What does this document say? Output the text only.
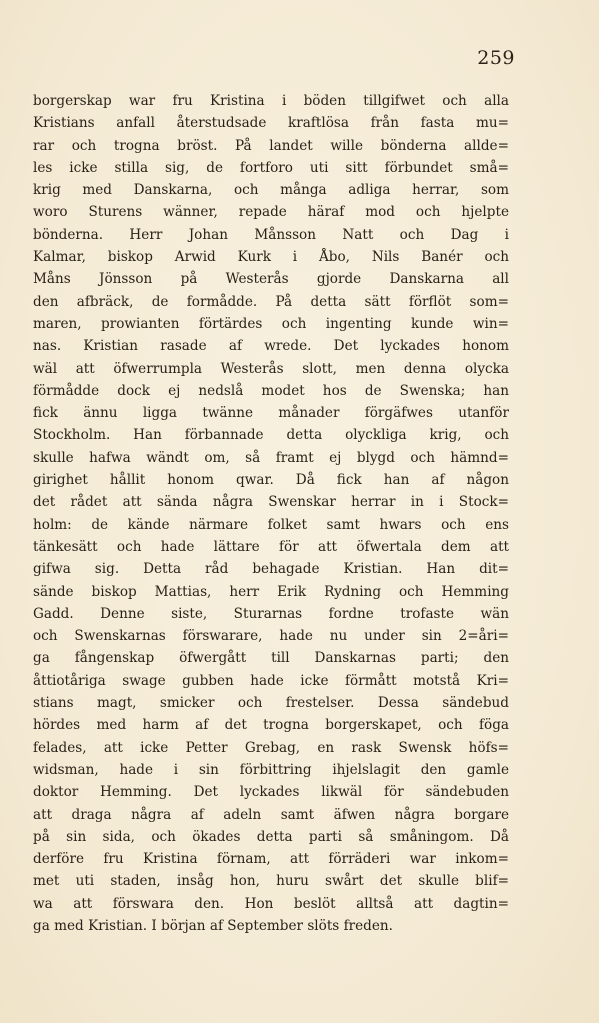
259
borgerskap war fru Kristina i böden tillgifwet och alla
Kristians anfall återstudsade kraftlösa från fasta mu=
rar och trogna bröst. På landet wille bönderna allde=
les icke stilla sig, de fortforo uti sitt förbundet små=
krig med Danskarna, och många adliga herrar, som
woro Sturens wänner, repade häraf mod och hjelpte
bönderna. Herr Johan Månsson Natt och Dag i
Kalmar, biskop Arwid Kurk i Åbo, Nils Banér och
Måns Jönsson på Westerås gjorde Danskarna all
den afbräck, de formådde. På detta sätt förflöt som=
maren, prowianten förtärdes och ingenting kunde win=
nas. Kristian rasade af wrede. Det lyckades honom
wäl att öfwerrumpla Westerås slott, men denna olycka
förmådde dock ej nedslå modet hos de Swenska; han
fick ännu ligga twänne månader förgäfwes utanför
Stockholm. Han förbannade detta olyckliga krig, och
skulle hafwa wändt om, så framt ej blygd och hämnd=
girighet hållit honom qwar. Då fick han af någon
det rådet att sända några Swenskar herrar in i Stock=
holm: de kände närmare folket samt hwars och ens
tänkesätt och hade lättare för att öfwertala dem att
gifwa sig. Detta råd behagade Kristian. Han dit=
sände biskop Mattias, herr Erik Rydning och Hemming
Gadd. Denne siste, Sturarnas fordne trofaste wän
och Swenskarnas förswarare, hade nu under sin 2=åri=
ga fångenskap öfwergått till Danskarnas parti; den
åttiotåriga swage gubben hade icke förmått motstå Kri=
stians magt, smicker och frestelser. Dessa sändebud
hördes med harm af det trogna borgerskapet, och föga
felades, att icke Petter Grebag, en rask Swensk höfs=
widsman, hade i sin förbittring ihjelslagit den gamle
doktor Hemming. Det lyckades likwäl för sändebuden
att draga några af adeln samt äfwen några borgare
på sin sida, och ökades detta parti så småningom. Då
derföre fru Kristina förnam, att förräderi war inkom=
met uti staden, insåg hon, huru swårt det skulle blif=
wa att förswara den. Hon beslöt alltså att dagtin=
ga med Kristian. I början af September slöts freden.
